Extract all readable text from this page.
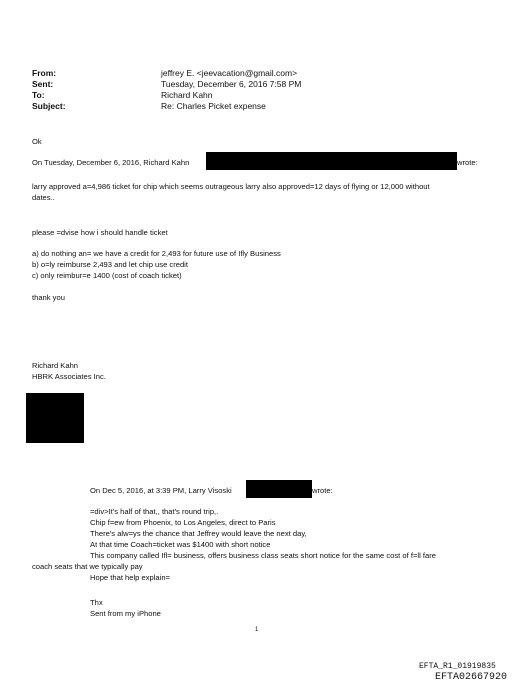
From:	jeffrey E. <jeevacation@gmail.com>
Sent:	Tuesday, December 6, 2016 7:58 PM
To:	Richard Kahn
Subject:	Re: Charles Picket expense
Ok
On Tuesday, December 6, 2016, Richard Kahn	wrote:
larry approved a=4,986 ticket for chip which seems outrageous larry also approved=12 days of flying or 12,000 without
dates..
please =dvise how i should handle ticket
a) do nothing an= we have a credit for 2,493 for future use of Ifly Business
b) o=ly reimburse 2,493 and let chip use credit
c) only reimbur=e 1400 (cost of coach ticket)
thank you
Richard Kahn
HBRK Associates Inc.
On Dec 5, 2016, at 3:39 PM, Larry Visoski	wrote:
=div>It's half of that,, that's round trip,.
Chip f=ew from Phoenix, to Los Angeles, direct to Paris
There's alw=ys the chance that Jeffrey would leave the next day,
At that time Coach=ticket was $1400 with short notice
This company called Ifl= business, offers business class seats short notice for the same cost of f=ll fare
coach seats that we typically pay
Hope that help explain=
Thx
Sent from my iPhone
1
EFTA_R1_01919835
EFTA02667920
